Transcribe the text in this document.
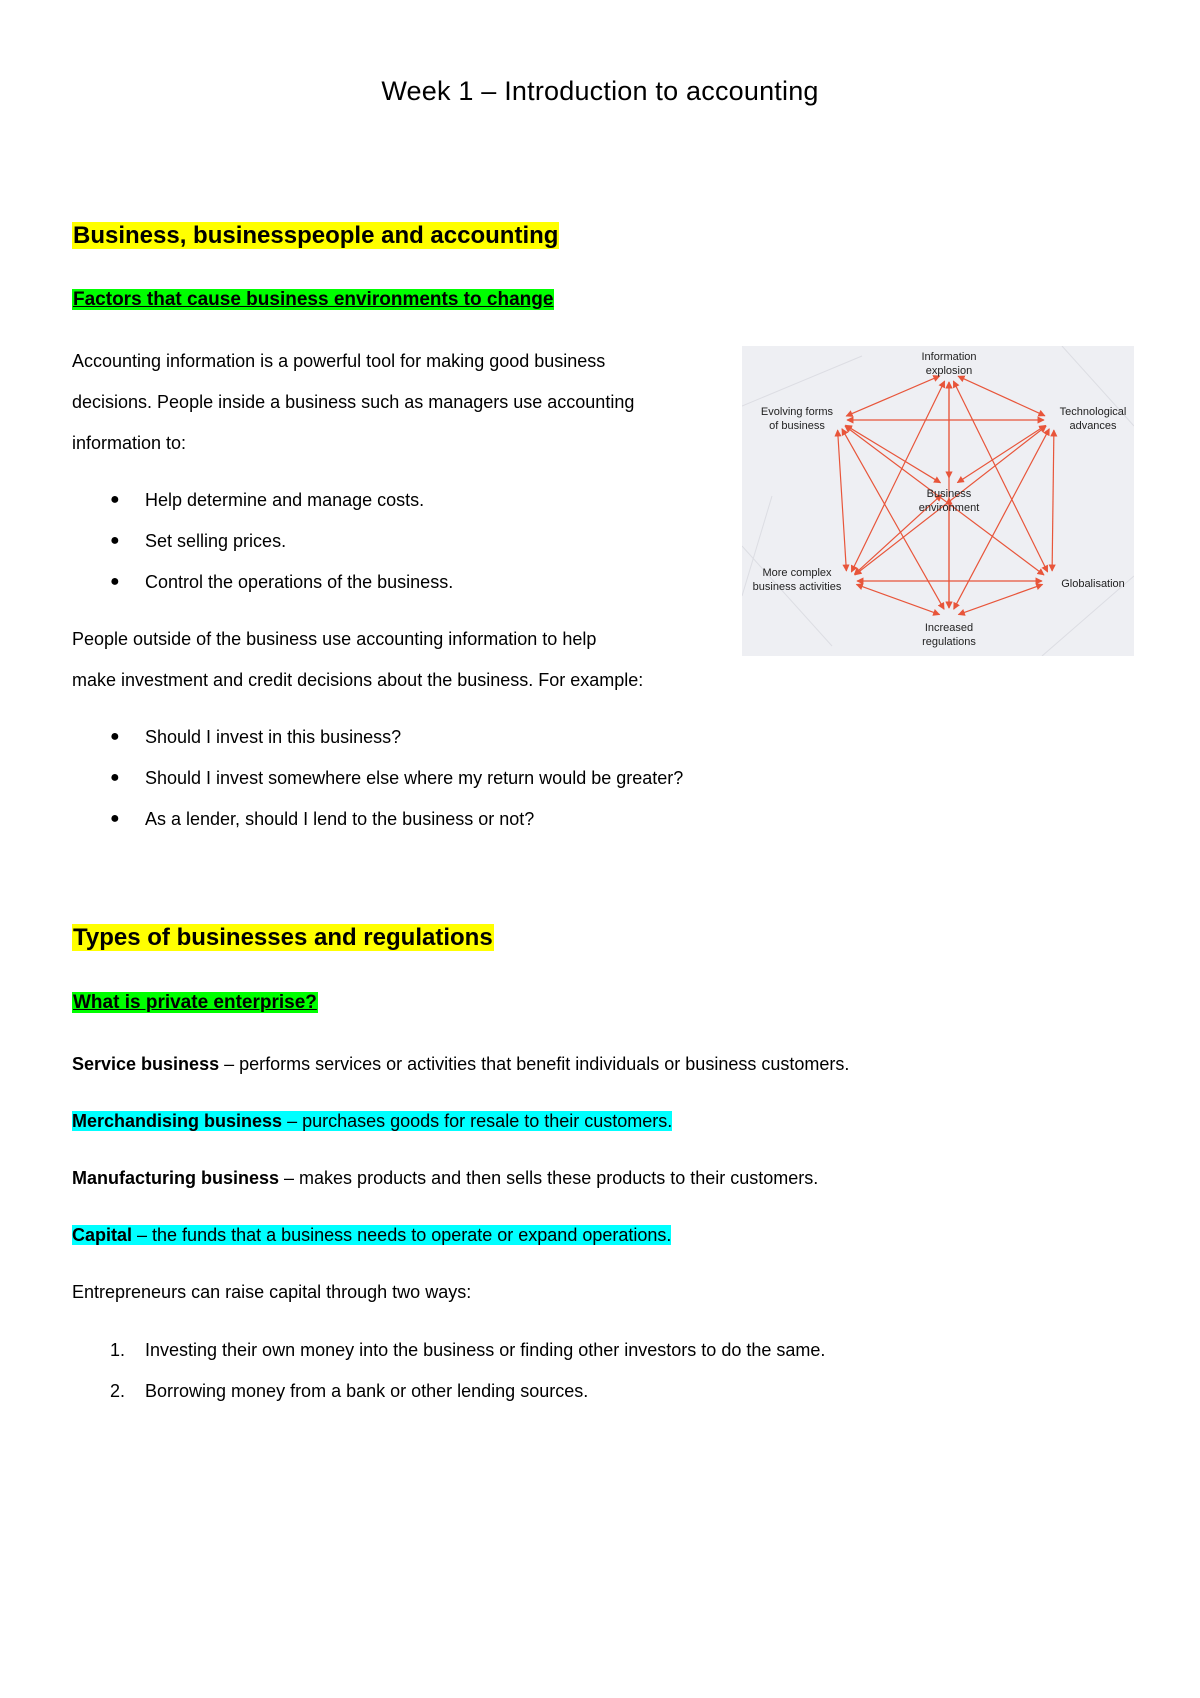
Week 1 – Introduction to accounting
Business, businesspeople and accounting
Factors that cause business environments to change
Accounting information is a powerful tool for making good business
decisions. People inside a business such as managers use accounting
information to:
● Help determine and manage costs.
● Set selling prices.
● Control the operations of the business.
People outside of the business use accounting information to help
make investment and credit decisions about the business. For example:
● Should I invest in this business?
● Should I invest somewhere else where my return would be greater?
● As a lender, should I lend to the business or not?
Information explosion
Evolving forms of business
Technological advances
Business environment
More complex business activities	Globalisation
Increased regulations
Types of businesses and regulations
What is private enterprise?
Service business – performs services or activities that benefit individuals or business customers.
Merchandising business – purchases goods for resale to their customers.
Manufacturing business – makes products and then sells these products to their customers.
Capital – the funds that a business needs to operate or expand operations.
Entrepreneurs can raise capital through two ways:
1.	Investing their own money into the business or finding other investors to do the same.
2.	Borrowing money from a bank or other lending sources.
